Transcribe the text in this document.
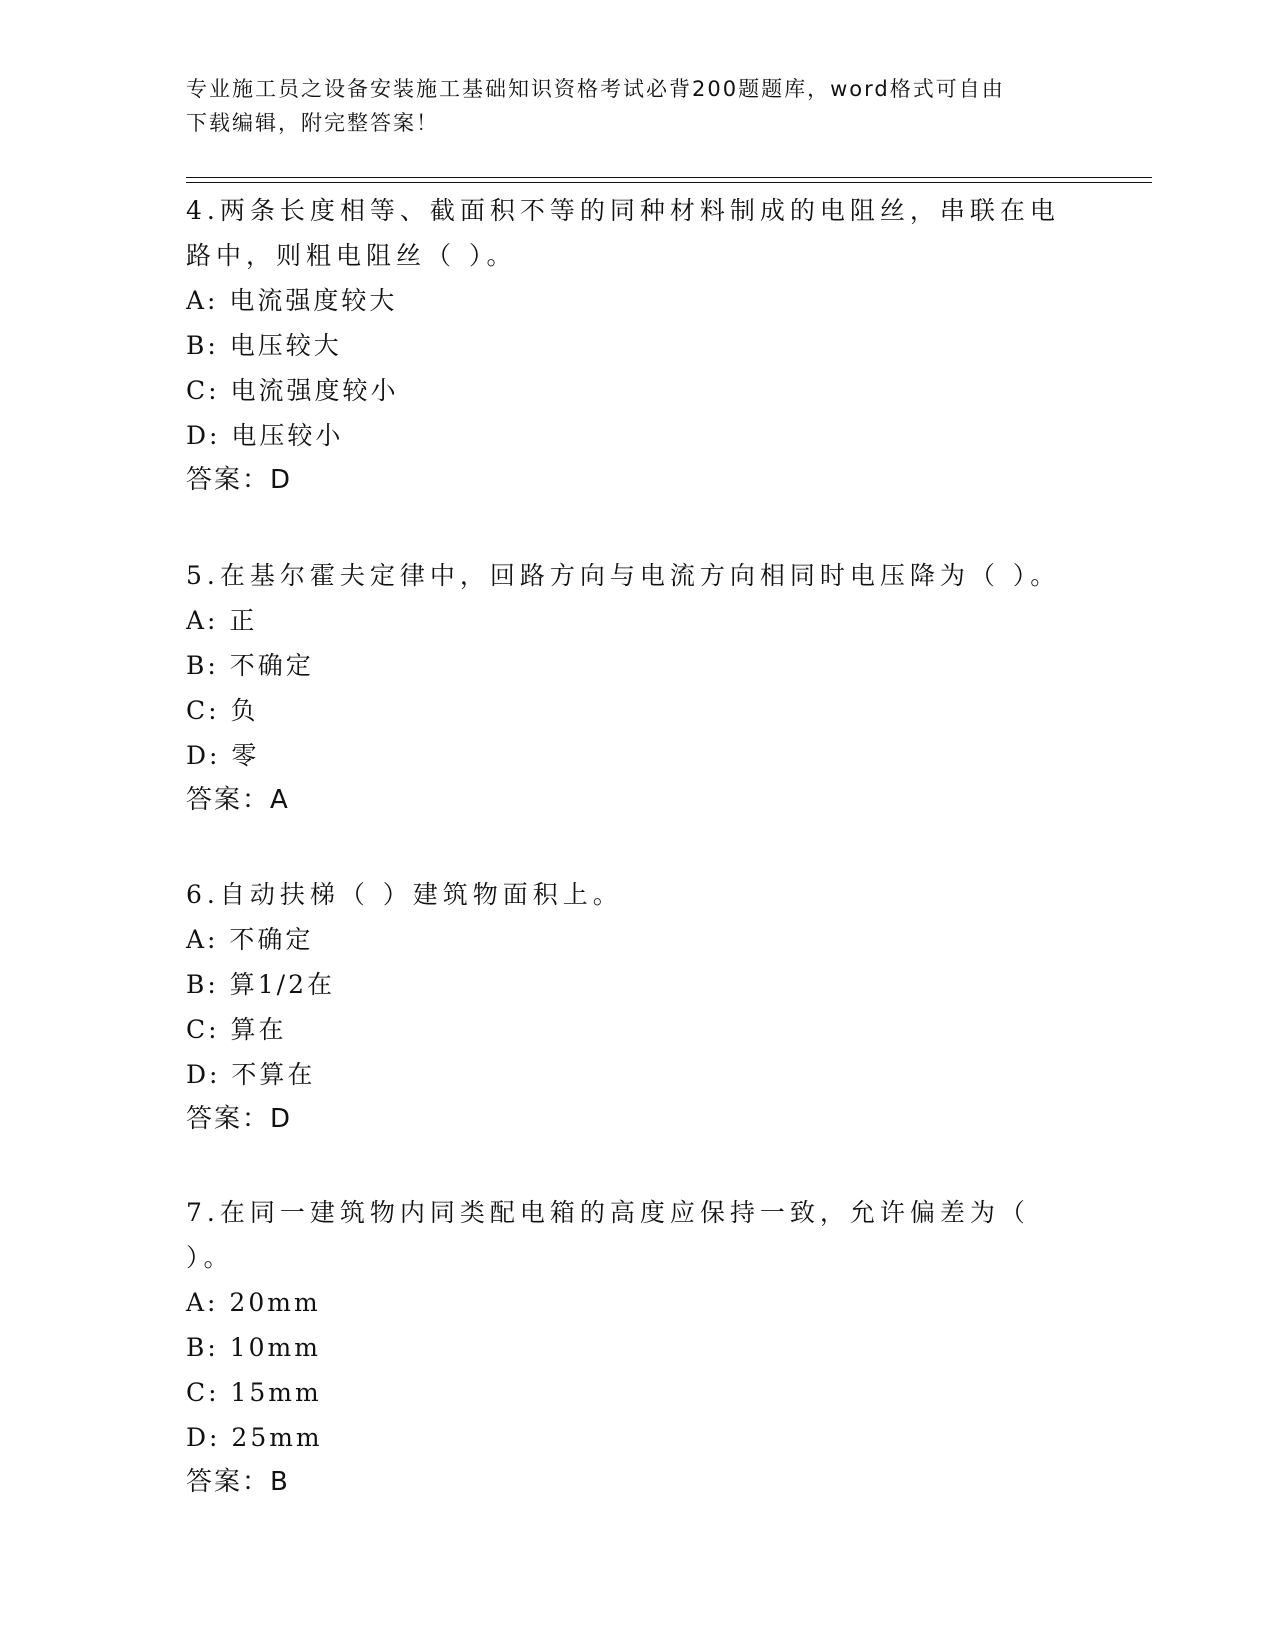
专业施工员之设备安装施工基础知识资格考试必背200题题库，word格式可自由
下载编辑，附完整答案！
4.两条长度相等、截面积不等的同种材料制成的电阻丝，串联在电路中，则粗电阻丝（ ）。
A: 电流强度较大
B: 电压较大
C: 电流强度较小
D: 电压较小
答案：D
5.在基尔霍夫定律中，回路方向与电流方向相同时电压降为（ ）。
A: 正
B: 不确定
C: 负
D: 零
答案：A
6.自动扶梯（ ）建筑物面积上。
A: 不确定
B: 算1/2在
C: 算在
D: 不算在
答案：D
7.在同一建筑物内同类配电箱的高度应保持一致，允许偏差为（ ）。
A: 20mm
B: 10mm
C: 15mm
D: 25mm
答案：B
